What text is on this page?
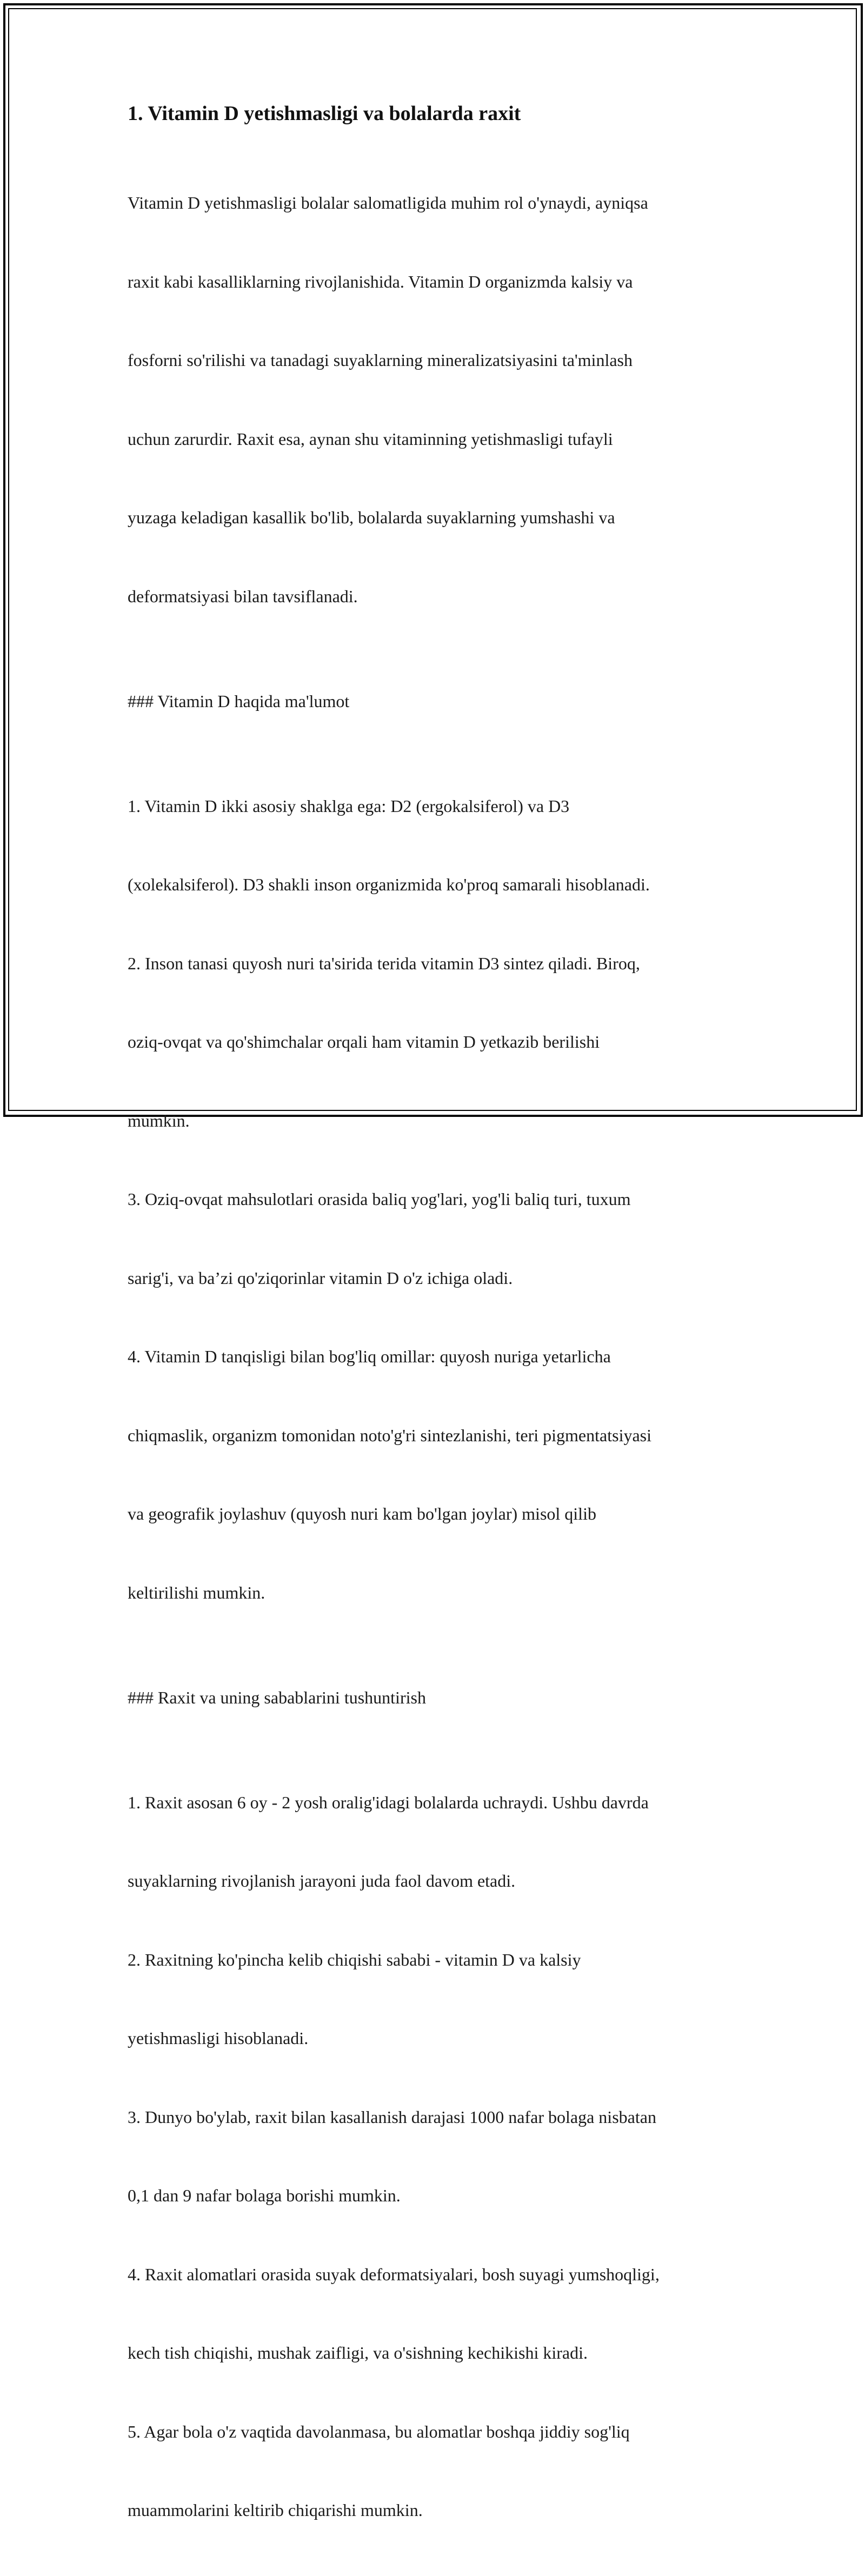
1. Vitamin D yetishmasligi va bolalarda raxit

Vitamin D yetishmasligi bolalar salomatligida muhim rol o'ynaydi, ayniqsa

raxit kabi kasalliklarning rivojlanishida. Vitamin D organizmda kalsiy va

fosforni so'rilishi va tanadagi suyaklarning mineralizatsiyasini ta'minlash

uchun zarurdir. Raxit esa, aynan shu vitaminning yetishmasligi tufayli

yuzaga keladigan kasallik bo'lib, bolalarda suyaklarning yumshashi va

deformatsiyasi bilan tavsiflanadi.

### Vitamin D haqida ma'lumot

1. Vitamin D ikki asosiy shaklga ega: D2 (ergokalsiferol) va D3

(xolekalsiferol). D3 shakli inson organizmida ko'proq samarali hisoblanadi.

2. Inson tanasi quyosh nuri ta'sirida terida vitamin D3 sintez qiladi. Biroq,

oziq-ovqat va qo'shimchalar orqali ham vitamin D yetkazib berilishi

mumkin.

3. Oziq-ovqat mahsulotlari orasida baliq yog'lari, yog'li baliq turi, tuxum

sarig'i, va ba’zi qo'ziqorinlar vitamin D o'z ichiga oladi.

4. Vitamin D tanqisligi bilan bog'liq omillar: quyosh nuriga yetarlicha

chiqmaslik, organizm tomonidan noto'g'ri sintezlanishi, teri pigmentatsiyasi

va geografik joylashuv (quyosh nuri kam bo'lgan joylar) misol qilib

keltirilishi mumkin.

### Raxit va uning sabablarini tushuntirish

1. Raxit asosan 6 oy - 2 yosh oralig'idagi bolalarda uchraydi. Ushbu davrda

suyaklarning rivojlanish jarayoni juda faol davom etadi.

2. Raxitning ko'pincha kelib chiqishi sababi - vitamin D va kalsiy

yetishmasligi hisoblanadi.

3. Dunyo bo'ylab, raxit bilan kasallanish darajasi 1000 nafar bolaga nisbatan

0,1 dan 9 nafar bolaga borishi mumkin.

4. Raxit alomatlari orasida suyak deformatsiyalari, bosh suyagi yumshoqligi,

kech tish chiqishi, mushak zaifligi, va o'sishning kechikishi kiradi.

5. Agar bola o'z vaqtida davolanmasa, bu alomatlar boshqa jiddiy sog'liq

muammolarini keltirib chiqarishi mumkin.
